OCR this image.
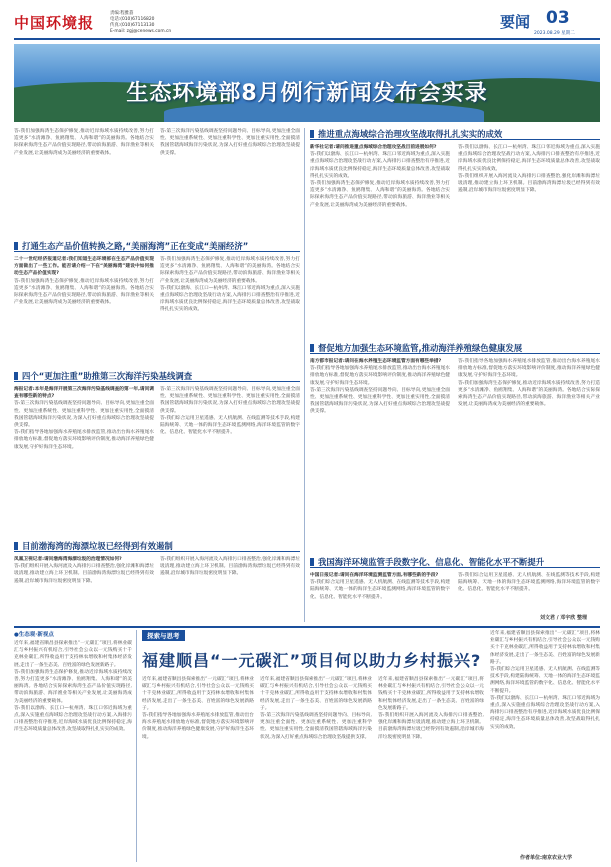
中国环境报
责编:程雅荔
电话:(010)67116820
传真:(010)67113130
E-mail: zgj@cenews.com.cn
要闻 03
2023.08.29 星期二
生态环境部8月例行新闻发布会实录
答:我们加强海湾生态保护修复,推动近岸海域水质持续改善,努力打造更多“水清滩净、鱼鸥翔集、人海和谐”的美丽海湾。各地结合实际探索海湾生态产品价值实现路径,带动滨海旅游、海洋渔业等相关产业发展,让美丽海湾成为美丽经济的重要载体。
答:第三次海洋污染基线调查坚持问题导向、目标导向,更加注重全面性、更加注重系统性、更加注重科学性、更加注重实用性,全面摸清我国管辖海域海洋污染状况,为深入打好重点海域综合治理攻坚战提供支撑。
打通生态产品价值转换之路,“美丽海湾”正在变成“美丽经济”
二十一世纪经济报道记者:我们知道生态环境部在生态产品价值实现方面做出了一些工作。能否请介绍一下在“美丽海湾”建设中如何推动生态产品价值实现?
答:我们加强海湾生态保护修复,推动近岸海域水质持续改善,努力打造更多“水清滩净、鱼鸥翔集、人海和谐”的美丽海湾。各地结合实际探索海湾生态产品价值实现路径,带动滨海旅游、海洋渔业等相关产业发展,让美丽海湾成为美丽经济的重要载体。
答:我们加强海湾生态保护修复,推动近岸海域水质持续改善,努力打造更多“水清滩净、鱼鸥翔集、人海和谐”的美丽海湾。各地结合实际探索海湾生态产品价值实现路径,带动滨海旅游、海洋渔业等相关产业发展,让美丽海湾成为美丽经济的重要载体。
答:我们以渤海、长江口—杭州湾、珠江口邻近海域为重点,深入实施重点海域综合治理攻坚战行动方案,入海排污口排查整治有序推进,近岸海域水质优良比例保持稳定,海洋生态环境质量总体改善,攻坚战取得扎扎实实的成效。
四个“更加注重”助推第三次海洋污染基线调查
海报记者:本年是海洋开展第三次海洋污染基线调查的第一年,请问调查有哪些新的特点?
答:第三次海洋污染基线调查坚持问题导向、目标导向,更加注重全面性、更加注重系统性、更加注重科学性、更加注重实用性,全面摸清我国管辖海域海洋污染状况,为深入打好重点海域综合治理攻坚战提供支撑。
答:我们指导各地加强海水养殖尾水排放监管,推动出台海水养殖尾水排放地方标准,督促地方落实环境影响评价制度,推动海洋养殖绿色健康发展,守护好海洋生态环境。
答:第三次海洋污染基线调查坚持问题导向、目标导向,更加注重全面性、更加注重系统性、更加注重科学性、更加注重实用性,全面摸清我国管辖海域海洋污染状况,为深入打好重点海域综合治理攻坚战提供支撑。
答:我们综合运用卫星遥感、无人机航测、在线监测等技术手段,构建陆海统筹、天地一体的海洋生态环境监测网络,海洋环境监管的数字化、信息化、智能化水平不断提升。
目前渤海湾的海漂垃圾已经得到有效遏制
凤凰卫视记者:请问渤海湾海漂垃圾的治理情况如何?
答:我们组织开展入海河流及入海排污口排查整治,强化岸滩和海漂垃圾清理,推动建立海上环卫机制。目前渤海湾海漂垃圾已经得到有效遏制,沿岸城市海洋垃圾密度明显下降。
答:我们组织开展入海河流及入海排污口排查整治,强化岸滩和海漂垃圾清理,推动建立海上环卫机制。目前渤海湾海漂垃圾已经得到有效遏制,沿岸城市海洋垃圾密度明显下降。
推进重点海域综合治理攻坚战取得扎扎实实的成效
新华社记者:请问推进重点海域综合治理攻坚战目前进展如何?
答:我们以渤海、长江口—杭州湾、珠江口邻近海域为重点,深入实施重点海域综合治理攻坚战行动方案,入海排污口排查整治有序推进,近岸海域水质优良比例保持稳定,海洋生态环境质量总体改善,攻坚战取得扎扎实实的成效。
答:我们加强海湾生态保护修复,推动近岸海域水质持续改善,努力打造更多“水清滩净、鱼鸥翔集、人海和谐”的美丽海湾。各地结合实际探索海湾生态产品价值实现路径,带动滨海旅游、海洋渔业等相关产业发展,让美丽海湾成为美丽经济的重要载体。
答:我们以渤海、长江口—杭州湾、珠江口邻近海域为重点,深入实施重点海域综合治理攻坚战行动方案,入海排污口排查整治有序推进,近岸海域水质优良比例保持稳定,海洋生态环境质量总体改善,攻坚战取得扎扎实实的成效。
答:我们组织开展入海河流及入海排污口排查整治,强化岸滩和海漂垃圾清理,推动建立海上环卫机制。目前渤海湾海漂垃圾已经得到有效遏制,沿岸城市海洋垃圾密度明显下降。
督促地方加强生态环境监管,推动海洋养殖绿色健康发展
南方都市报记者:请问在海水养殖生态环境监管方面有哪些举措?
答:我们指导各地加强海水养殖尾水排放监管,推动出台海水养殖尾水排放地方标准,督促地方落实环境影响评价制度,推动海洋养殖绿色健康发展,守护好海洋生态环境。
答:第三次海洋污染基线调查坚持问题导向、目标导向,更加注重全面性、更加注重系统性、更加注重科学性、更加注重实用性,全面摸清我国管辖海域海洋污染状况,为深入打好重点海域综合治理攻坚战提供支撑。
答:我们指导各地加强海水养殖尾水排放监管,推动出台海水养殖尾水排放地方标准,督促地方落实环境影响评价制度,推动海洋养殖绿色健康发展,守护好海洋生态环境。
答:我们加强海湾生态保护修复,推动近岸海域水质持续改善,努力打造更多“水清滩净、鱼鸥翔集、人海和谐”的美丽海湾。各地结合实际探索海湾生态产品价值实现路径,带动滨海旅游、海洋渔业等相关产业发展,让美丽海湾成为美丽经济的重要载体。
我国海洋环境监管手段数字化、信息化、智能化水平不断提升
中国日报记者:请问在海洋环境监测监管方面,有哪些新的手段?
答:我们综合运用卫星遥感、无人机航测、在线监测等技术手段,构建陆海统筹、天地一体的海洋生态环境监测网络,海洋环境监管的数字化、信息化、智能化水平不断提升。
答:我们综合运用卫星遥感、无人机航测、在线监测等技术手段,构建陆海统筹、天地一体的海洋生态环境监测网络,海洋环境监管的数字化、信息化、智能化水平不断提升。
刘文君 / 邓宇欣 整理
●生态观·新视点
近年来,福建省顺昌县探索推出“一元碳汇”项目,将林业碳汇与乡村振兴有机结合,引导社会公众以一元钱购买十千克林业碳汇,所得收益用于支持林农增收和村集体经济发展,走出了一条生态美、百姓富的绿色发展新路子。
答:我们加强海湾生态保护修复,推动近岸海域水质持续改善,努力打造更多“水清滩净、鱼鸥翔集、人海和谐”的美丽海湾。各地结合实际探索海湾生态产品价值实现路径,带动滨海旅游、海洋渔业等相关产业发展,让美丽海湾成为美丽经济的重要载体。
答:我们以渤海、长江口—杭州湾、珠江口邻近海域为重点,深入实施重点海域综合治理攻坚战行动方案,入海排污口排查整治有序推进,近岸海域水质优良比例保持稳定,海洋生态环境质量总体改善,攻坚战取得扎扎实实的成效。
探索与思考
福建顺昌“一元碳汇”项目何以助力乡村振兴?
近年来,福建省顺昌县探索推出“一元碳汇”项目,将林业碳汇与乡村振兴有机结合,引导社会公众以一元钱购买十千克林业碳汇,所得收益用于支持林农增收和村集体经济发展,走出了一条生态美、百姓富的绿色发展新路子。
答:我们指导各地加强海水养殖尾水排放监管,推动出台海水养殖尾水排放地方标准,督促地方落实环境影响评价制度,推动海洋养殖绿色健康发展,守护好海洋生态环境。
近年来,福建省顺昌县探索推出“一元碳汇”项目,将林业碳汇与乡村振兴有机结合,引导社会公众以一元钱购买十千克林业碳汇,所得收益用于支持林农增收和村集体经济发展,走出了一条生态美、百姓富的绿色发展新路子。
答:第三次海洋污染基线调查坚持问题导向、目标导向,更加注重全面性、更加注重系统性、更加注重科学性、更加注重实用性,全面摸清我国管辖海域海洋污染状况,为深入打好重点海域综合治理攻坚战提供支撑。
近年来,福建省顺昌县探索推出“一元碳汇”项目,将林业碳汇与乡村振兴有机结合,引导社会公众以一元钱购买十千克林业碳汇,所得收益用于支持林农增收和村集体经济发展,走出了一条生态美、百姓富的绿色发展新路子。
答:我们组织开展入海河流及入海排污口排查整治,强化岸滩和海漂垃圾清理,推动建立海上环卫机制。目前渤海湾海漂垃圾已经得到有效遏制,沿岸城市海洋垃圾密度明显下降。
近年来,福建省顺昌县探索推出“一元碳汇”项目,将林业碳汇与乡村振兴有机结合,引导社会公众以一元钱购买十千克林业碳汇,所得收益用于支持林农增收和村集体经济发展,走出了一条生态美、百姓富的绿色发展新路子。
答:我们综合运用卫星遥感、无人机航测、在线监测等技术手段,构建陆海统筹、天地一体的海洋生态环境监测网络,海洋环境监管的数字化、信息化、智能化水平不断提升。
答:我们以渤海、长江口—杭州湾、珠江口邻近海域为重点,深入实施重点海域综合治理攻坚战行动方案,入海排污口排查整治有序推进,近岸海域水质优良比例保持稳定,海洋生态环境质量总体改善,攻坚战取得扎扎实实的成效。
作者单位:南京农业大学
